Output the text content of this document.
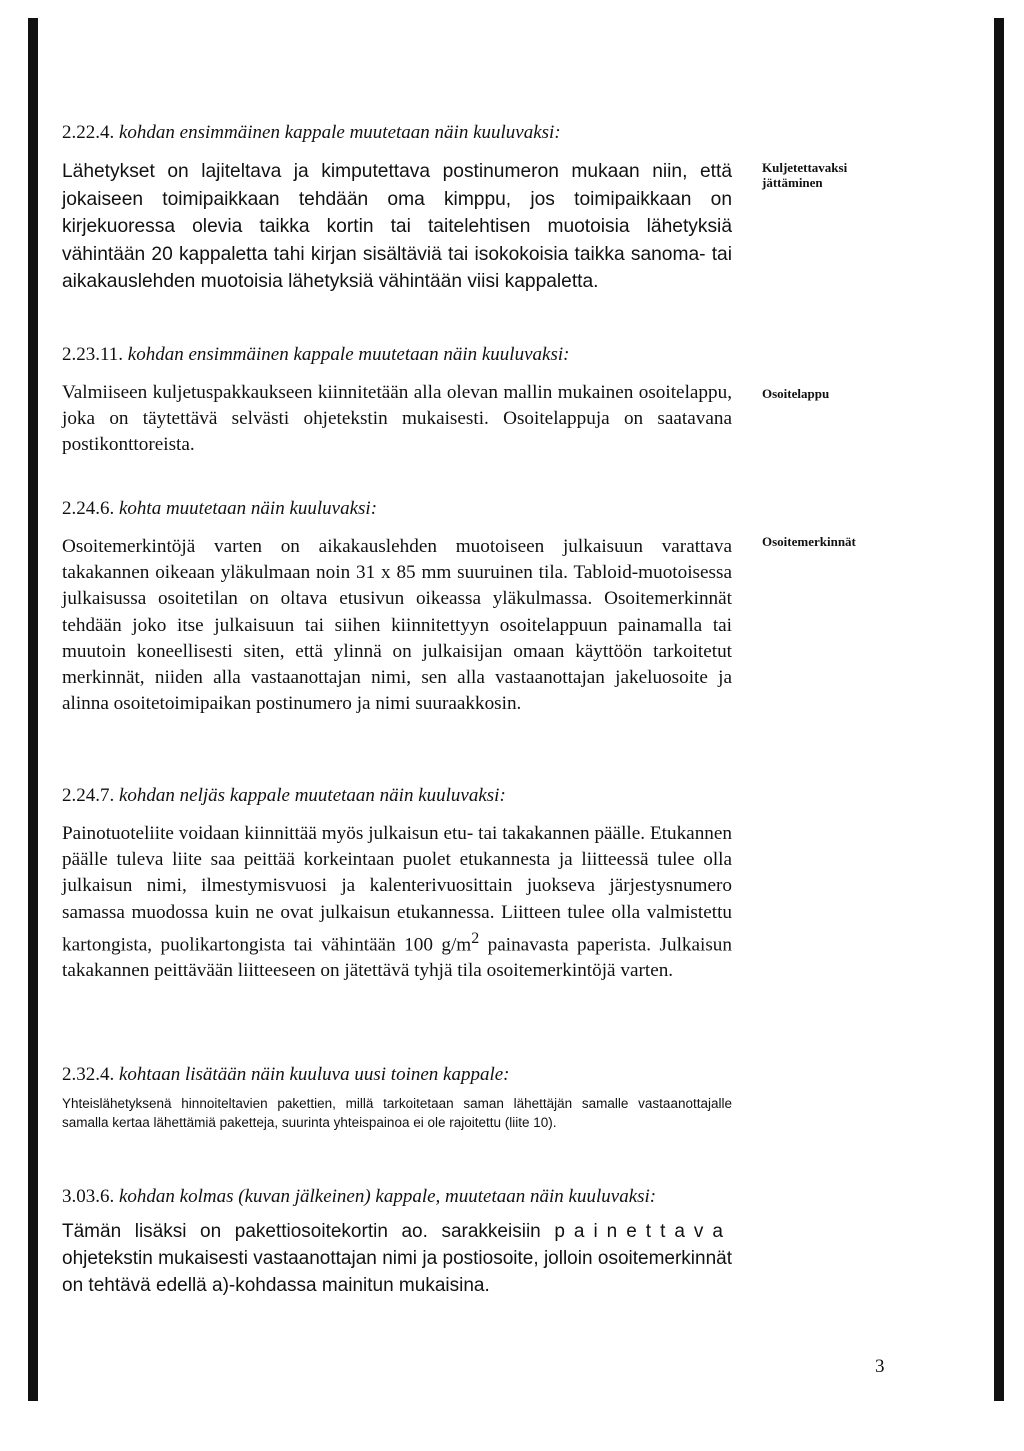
2.22.4. kohdan ensimmäinen kappale muutetaan näin kuuluvaksi:

Lähetykset on lajiteltava ja kimputettava postinumeron mukaan niin, että jokaiseen toimipaikkaan tehdään oma kimppu, jos toimipaikkaan on kirjekuoressa olevia taikka kortin tai taitelehtisen muotoisia lähetyksiä vähintään 20 kappaletta tahi kirjan sisältäviä tai isokokoisia taikka sanoma- tai aikakauslehden muotoisia lähetyksiä vähintään viisi kappaletta.

Kuljetettavaksi jättäminen

2.23.11. kohdan ensimmäinen kappale muutetaan näin kuuluvaksi:

Valmiiseen kuljetuspakkaukseen kiinnitetään alla olevan mallin mukainen osoitelappu, joka on täytettävä selvästi ohjetekstin mukaisesti. Osoitelappuja on saatavana postikonttoreista.

Osoitelappu

2.24.6. kohta muutetaan näin kuuluvaksi:

Osoitemerkintöjä varten on aikakauslehden muotoiseen julkaisuun varattava takakannen oikeaan yläkulmaan noin 31 x 85 mm suuruinen tila. Tabloid-muotoisessa julkaisussa osoitetilan on oltava etusivun oikeassa yläkulmassa. Osoitemerkinnät tehdään joko itse julkaisuun tai siihen kiinnitettyyn osoitelappuun painamalla tai muutoin koneellisesti siten, että ylinnä on julkaisijan omaan käyttöön tarkoitetut merkinnät, niiden alla vastaanottajan nimi, sen alla vastaanottajan jakeluosoite ja alinna osoitetoimipaikan postinumero ja nimi suuraakkosin.

Osoitemerkinnät

2.24.7. kohdan neljäs kappale muutetaan näin kuuluvaksi:

Painotuoteliite voidaan kiinnittää myös julkaisun etu- tai takakannen päälle. Etukannen päälle tuleva liite saa peittää korkeintaan puolet etukannesta ja liitteessä tulee olla julkaisun nimi, ilmestymisvuosi ja kalenterivuosittain juokseva järjestysnumero samassa muodossa kuin ne ovat julkaisun etukannessa. Liitteen tulee olla valmistettu kartongista, puolikartongista tai vähintään 100 $g/m^2$ painavasta paperista. Julkaisun takakannen peittävään liitteeseen on jätettävä tyhjä tila osoitemerkintöjä varten.

2.32.4. kohtaan lisätään näin kuuluva uusi toinen kappale:

Yhteislähetyksenä hinnoiteltavien pakettien, millä tarkoitetaan saman lähettäjän samalle vastaanottajalle samalla kertaa lähettämiä paketteja, suurinta yhteispainoa ei ole rajoitettu (liite 10).

3.03.6. kohdan kolmas (kuvan jälkeinen) kappale, muutetaan näin kuuluvaksi:

Tämän lisäksi on pakettiosoitekortin ao. sarakkeisiin painettava ohjetekstin mukaisesti vastaanottajan nimi ja postiosoite, jolloin osoitemerkinnät on tehtävä edellä a)-kohdassa mainitun mukaisina.

3
